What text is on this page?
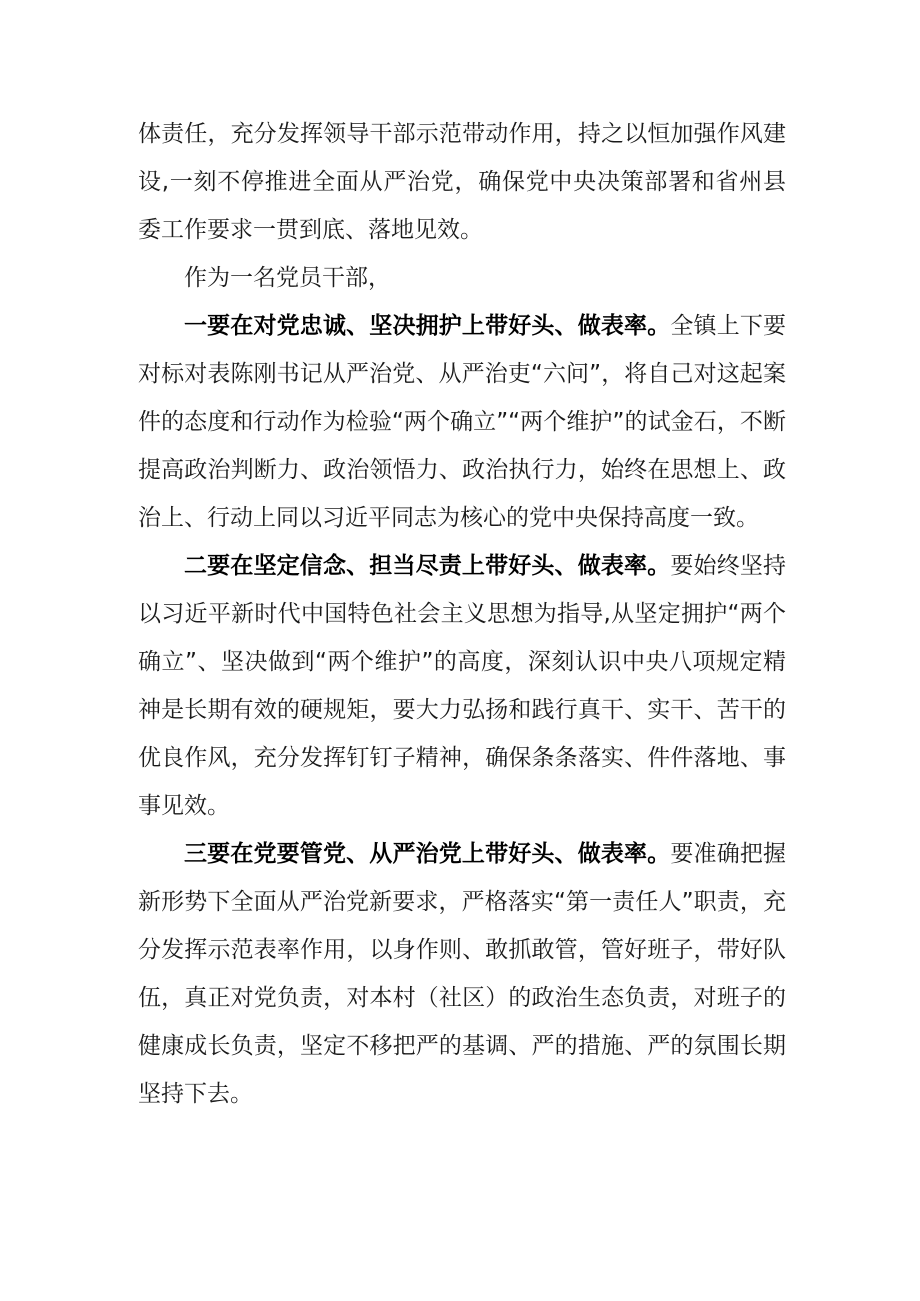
体责任，充分发挥领导干部示范带动作用，持之以恒加强作风建设,一刻不停推进全面从严治党，确保党中央决策部署和省州县委工作要求一贯到底、落地见效。

作为一名党员干部，

一要在对党忠诚、坚决拥护上带好头、做表率。全镇上下要对标对表陈刚书记从严治党、从严治吏“六问”，将自己对这起案件的态度和行动作为检验“两个确立”“两个维护”的试金石，不断提高政治判断力、政治领悟力、政治执行力，始终在思想上、政治上、行动上同以习近平同志为核心的党中央保持高度一致。

二要在坚定信念、担当尽责上带好头、做表率。要始终坚持以习近平新时代中国特色社会主义思想为指导,从坚定拥护“两个确立”、坚决做到“两个维护”的高度，深刻认识中央八项规定精神是长期有效的硬规矩，要大力弘扬和践行真干、实干、苦干的优良作风，充分发挥钉钉子精神，确保条条落实、件件落地、事事见效。

三要在党要管党、从严治党上带好头、做表率。要准确把握新形势下全面从严治党新要求，严格落实“第一责任人”职责，充分发挥示范表率作用，以身作则、敢抓敢管，管好班子，带好队伍，真正对党负责，对本村（社区）的政治生态负责，对班子的健康成长负责，坚定不移把严的基调、严的措施、严的氛围长期坚持下去。
